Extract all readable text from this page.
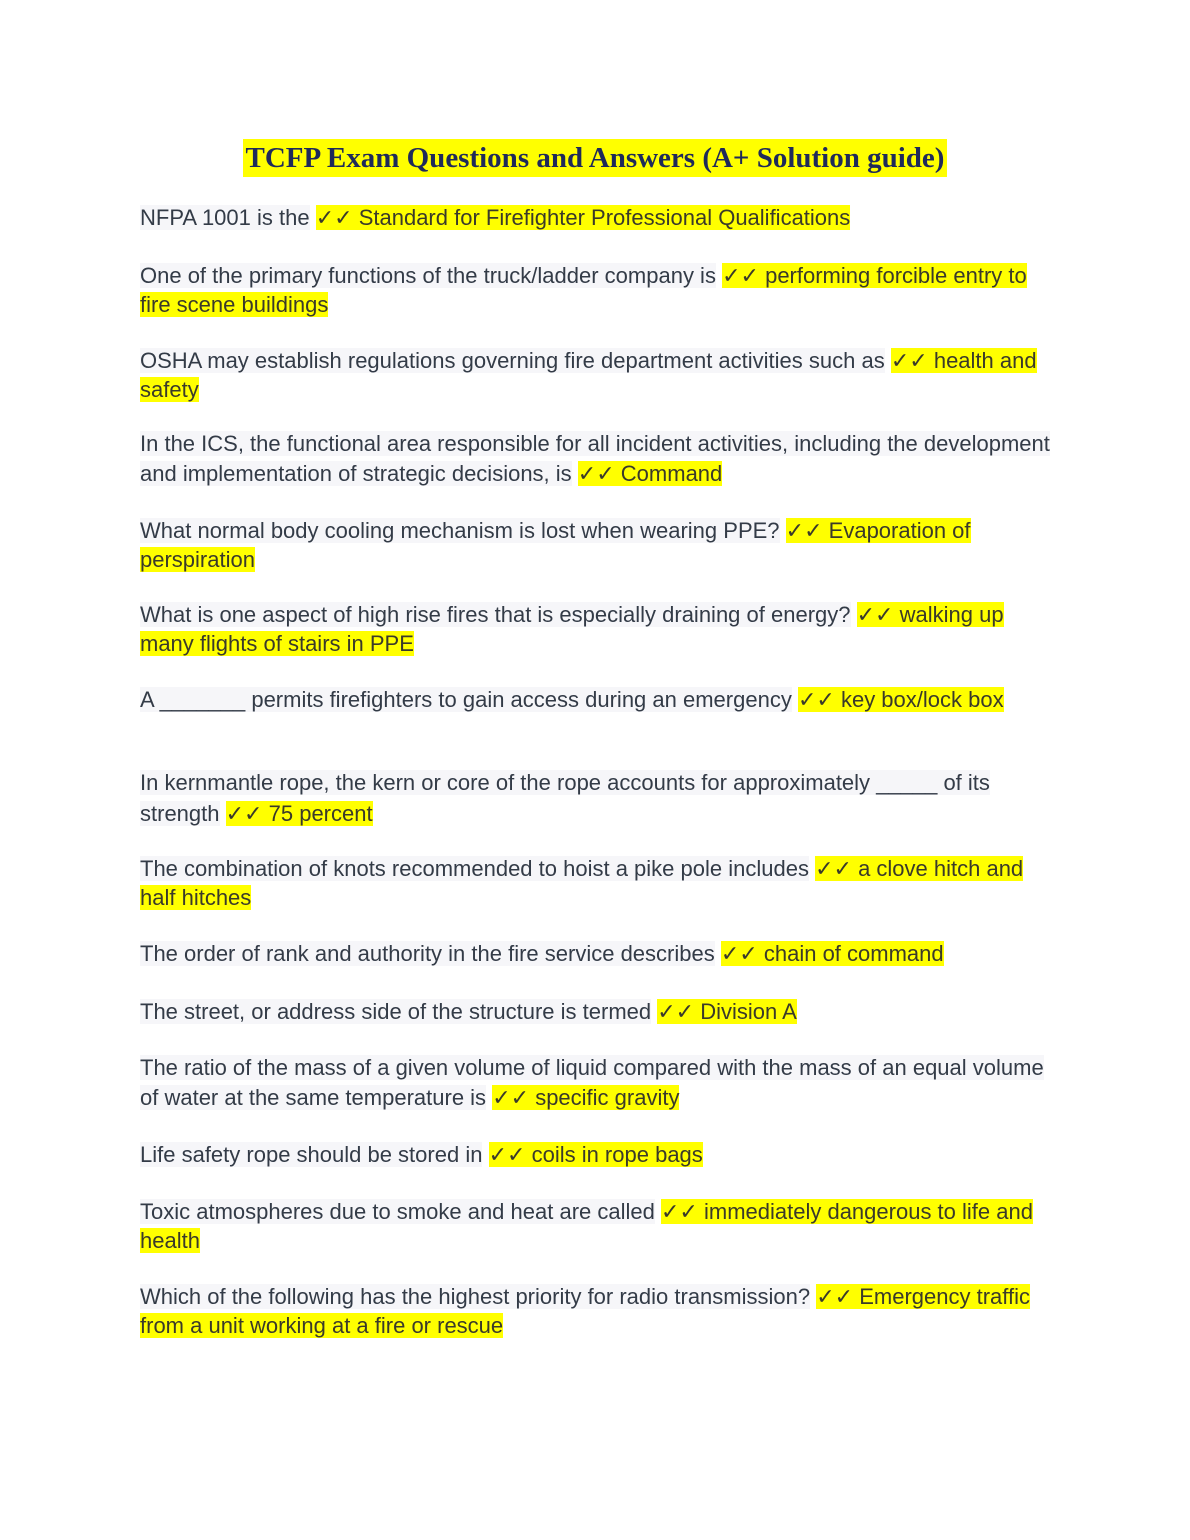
TCFP Exam Questions and Answers (A+ Solution guide)
NFPA 1001 is the ✓✓ Standard for Firefighter Professional Qualifications
One of the primary functions of the truck/ladder company is ✓✓ performing forcible entry to fire scene buildings
OSHA may establish regulations governing fire department activities such as ✓✓ health and safety
In the ICS, the functional area responsible for all incident activities, including the development and implementation of strategic decisions, is ✓✓ Command
What normal body cooling mechanism is lost when wearing PPE? ✓✓ Evaporation of perspiration
What is one aspect of high rise fires that is especially draining of energy? ✓✓ walking up many flights of stairs in PPE
A _______ permits firefighters to gain access during an emergency ✓✓ key box/lock box
In kernmantle rope, the kern or core of the rope accounts for approximately _____ of its strength ✓✓ 75 percent
The combination of knots recommended to hoist a pike pole includes ✓✓ a clove hitch and half hitches
The order of rank and authority in the fire service describes ✓✓ chain of command
The street, or address side of the structure is termed ✓✓ Division A
The ratio of the mass of a given volume of liquid compared with the mass of an equal volume of water at the same temperature is ✓✓ specific gravity
Life safety rope should be stored in ✓✓ coils in rope bags
Toxic atmospheres due to smoke and heat are called ✓✓ immediately dangerous to life and health
Which of the following has the highest priority for radio transmission? ✓✓ Emergency traffic from a unit working at a fire or rescue
